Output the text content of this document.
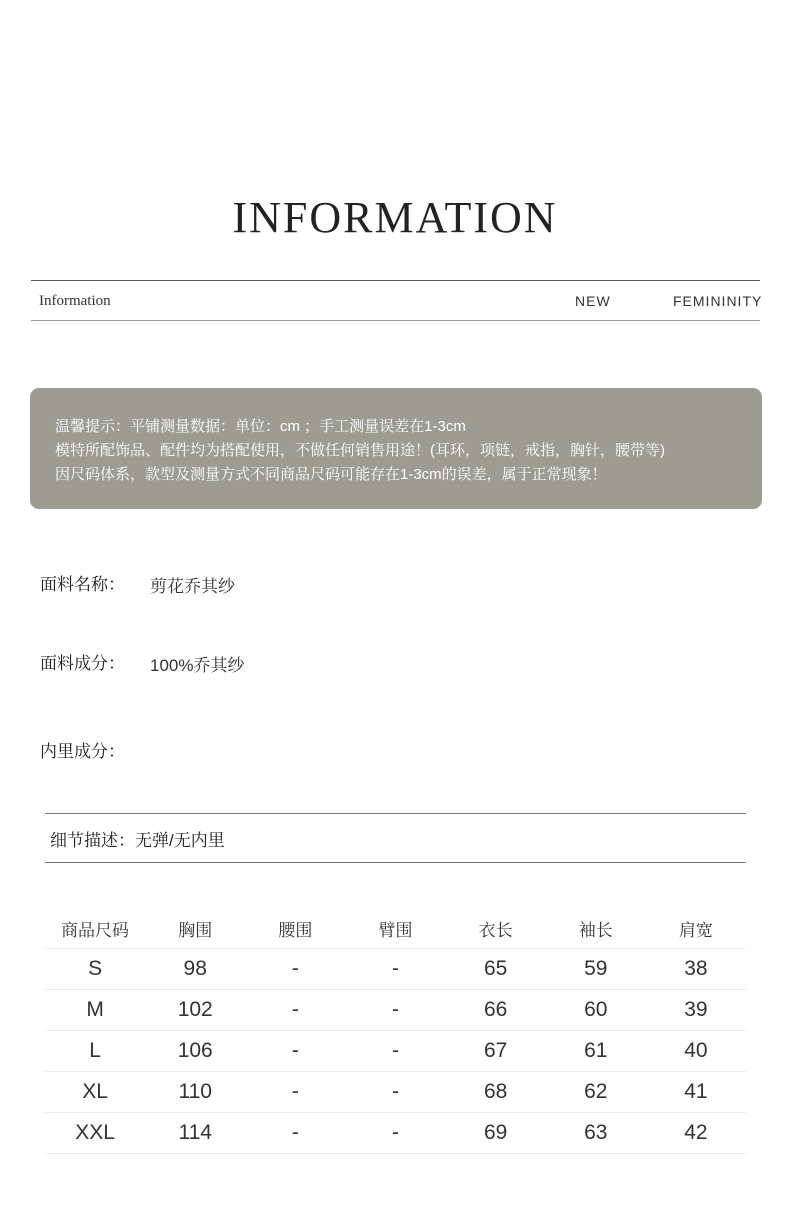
INFORMATION
Information	NEW	FEMININITY
温馨提示：平铺测量数据：单位：cm ；手工测量误差在1-3cm
模特所配饰品、配件均为搭配使用，不做任何销售用途！(耳环，项链，戒指，胸针，腰带等)
因尺码体系，款型及测量方式不同商品尺码可能存在1-3cm的误差，属于正常现象！
面料名称： 剪花乔其纱
面料成分： 100%乔其纱
内里成分：
细节描述：无弹/无内里
商品尺码	胸围	腰围	臂围	衣长	袖长	肩宽
S	98	-	-	65	59	38
M	102	-	-	66	60	39
L	106	-	-	67	61	40
XL	110	-	-	68	62	41
XXL	114	-	-	69	63	42
